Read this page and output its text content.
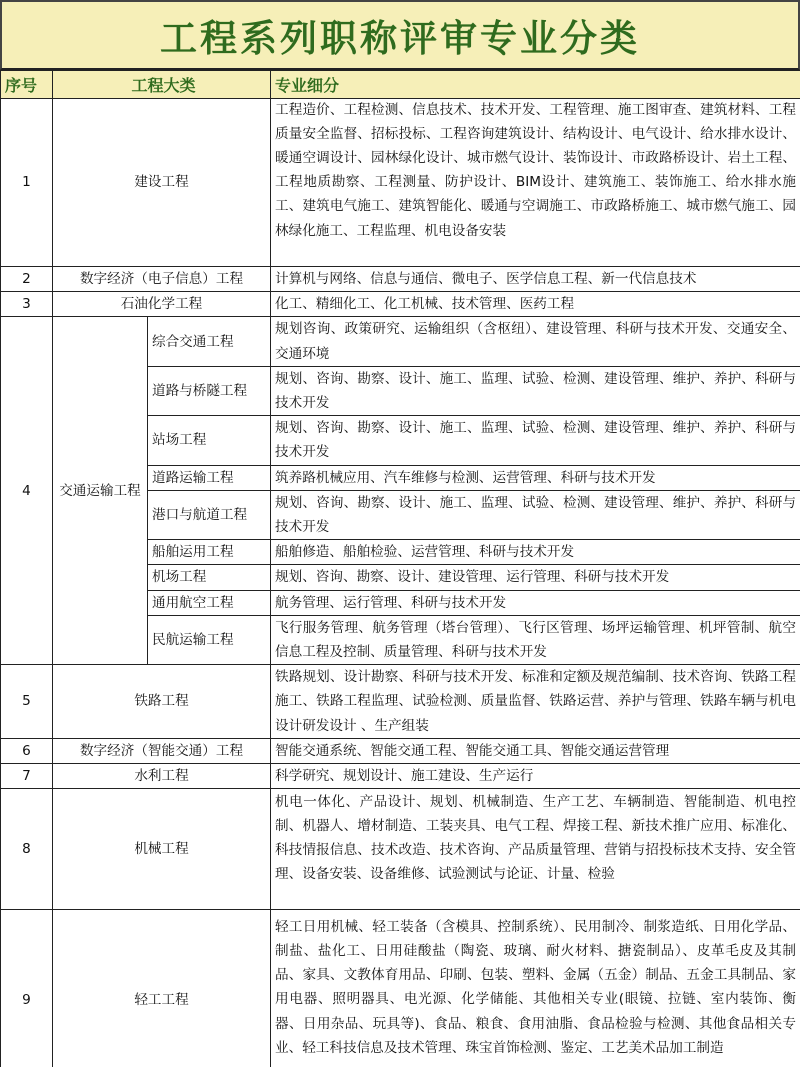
工程系列职称评审专业分类
序号	工程大类		专业细分
1	建设工程		工程造价、工程检测、信息技术、技术开发、工程管理、施工图审查、建筑材料、工程质量安全监督、招标投标、工程咨询建筑设计、结构设计、电气设计、给水排水设计、暖通空调设计、园林绿化设计、城市燃气设计、装饰设计、市政路桥设计、岩土工程、工程地质勘察、工程测量、防护设计、BIM设计、建筑施工、装饰施工、给水排水施工、建筑电气施工、建筑智能化、暖通与空调施工、市政路桥施工、城市燃气施工、园林绿化施工、工程监理、机电设备安装

2	数字经济（电子信息）工程		计算机与网络、信息与通信、微电子、医学信息工程、新一代信息技术
3	石油化学工程		化工、精细化工、化工机械、技术管理、医药工程
4	交通运输工程	综合交通工程	规划咨询、政策研究、运输组织（含枢纽）、建设管理、科研与技术开发、交通安全、交通环境
		道路与桥隧工程	规划、咨询、勘察、设计、施工、监理、试验、检测、建设管理、维护、养护、科研与技术开发
		站场工程	规划、咨询、勘察、设计、施工、监理、试验、检测、建设管理、维护、养护、科研与技术开发
		道路运输工程	筑养路机械应用、汽车维修与检测、运营管理、科研与技术开发
		港口与航道工程	规划、咨询、勘察、设计、施工、监理、试验、检测、建设管理、维护、养护、科研与技术开发
		船舶运用工程	船舶修造、船舶检验、运营管理、科研与技术开发
		机场工程	规划、咨询、勘察、设计、建设管理、运行管理、科研与技术开发
		通用航空工程	航务管理、运行管理、科研与技术开发
		民航运输工程	飞行服务管理、航务管理（塔台管理）、飞行区管理、场坪运输管理、机坪管制、航空信息工程及控制、质量管理、科研与技术开发
5	铁路工程		铁路规划、设计勘察、科研与技术开发、标准和定额及规范编制、技术咨询、铁路工程施工、铁路工程监理、试验检测、质量监督、铁路运营、养护与管理、铁路车辆与机电设计研发设计 、生产组装
6	数字经济（智能交通）工程		智能交通系统、智能交通工程、智能交通工具、智能交通运营管理
7	水利工程		科学研究、规划设计、施工建设、生产运行
8	机械工程		机电一体化、产品设计、规划、机械制造、生产工艺、车辆制造、智能制造、机电控制、机器人、增材制造、工装夹具、电气工程、焊接工程、新技术推广应用、标准化、科技情报信息、技术改造、技术咨询、产品质量管理、营销与招投标技术支持、安全管理、设备安装、设备维修、试验测试与论证、计量、检验

9	轻工工程		轻工日用机械、轻工装备（含模具、控制系统）、民用制冷、制浆造纸、日用化学品、制盐、盐化工、日用硅酸盐（陶瓷、玻璃、耐火材料、搪瓷制品）、皮革毛皮及其制品、家具、文教体育用品、印刷、包装、塑料、金属（五金）制品、五金工具制品、家用电器、照明器具、电光源、化学储能、其他相关专业(眼镜、拉链、室内装饰、衡器、日用杂品、玩具等)、食品、粮食、食用油脂、食品检验与检测、其他食品相关专业、轻工科技信息及技术管理、珠宝首饰检测、鉴定、工艺美术品加工制造
